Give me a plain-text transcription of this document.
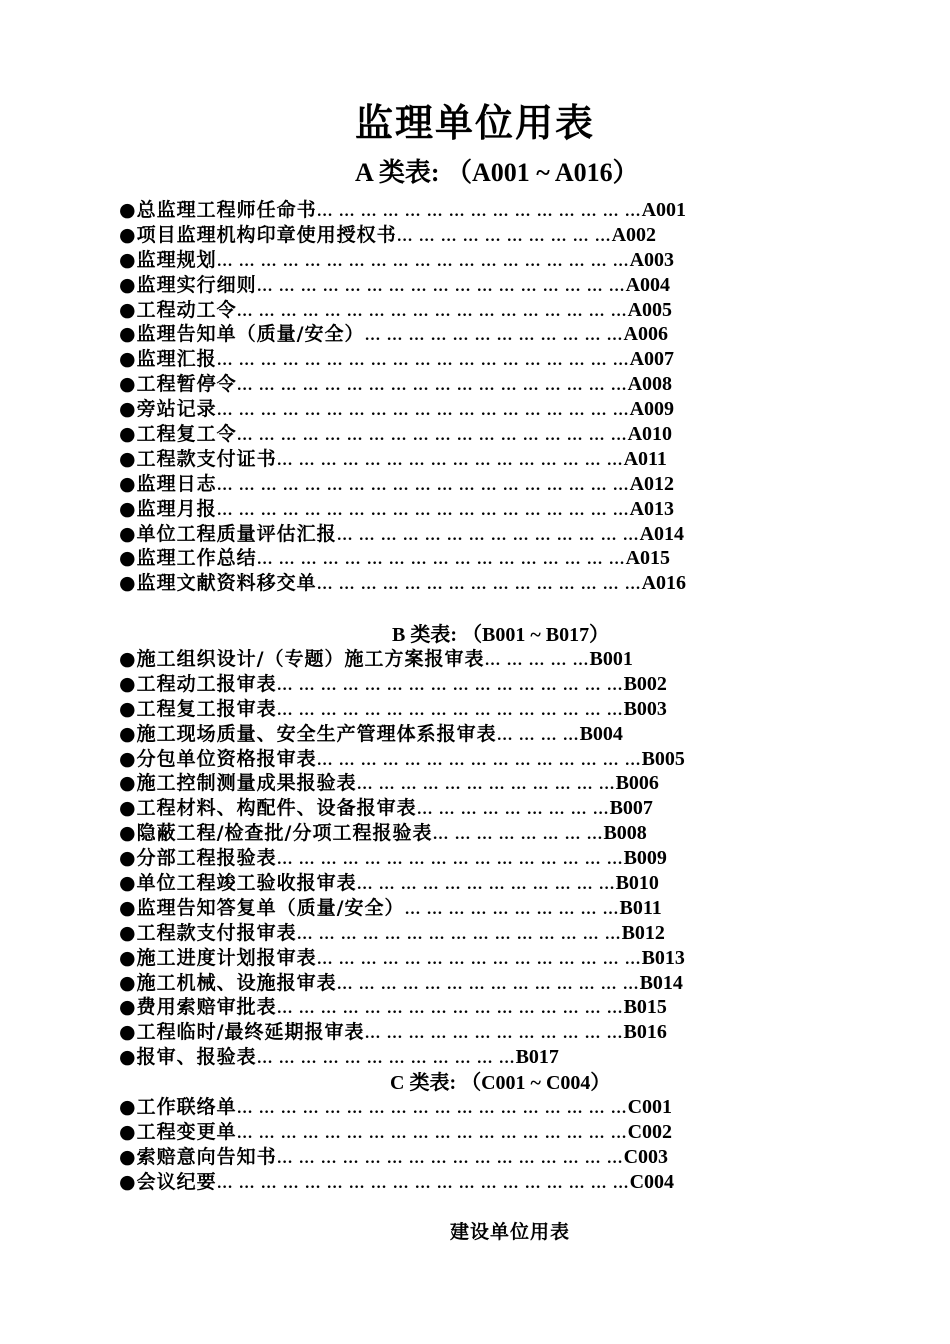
监理单位用表
A 类表: （A001 ~ A016）
●总监理工程师任命书 … … … … … … … … … … … … … … … A001
●项目监理机构印章使用授权书 … … … … … … … … … … A002
●监理规划 … … … … … … … … … … … … … … … … … … … A003
●监理实行细则 … … … … … … … … … … … … … … … … … A004
●工程动工令 … … … … … … … … … … … … … … … … … … A005
●监理告知单（质量/安全） … … … … … … … … … … … … A006
●监理汇报 … … … … … … … … … … … … … … … … … … … A007
●工程暂停令 … … … … … … … … … … … … … … … … … … A008
●旁站记录 … … … … … … … … … … … … … … … … … … … A009
●工程复工令 … … … … … … … … … … … … … … … … … … A010
●工程款支付证书 … … … … … … … … … … … … … … … … A011
●监理日志 … … … … … … … … … … … … … … … … … … … A012
●监理月报 … … … … … … … … … … … … … … … … … … … A013
●单位工程质量评估汇报 … … … … … … … … … … … … … … A014
●监理工作总结 … … … … … … … … … … … … … … … … … A015
●监理文献资料移交单 … … … … … … … … … … … … … … … A016
B 类表: （B001 ~ B017）
●施工组织设计/（专题）施工方案报审表 … … … … … B001
●工程动工报审表 … … … … … … … … … … … … … … … … B002
●工程复工报审表 … … … … … … … … … … … … … … … … B003
●施工现场质量、安全生产管理体系报审表 … … … … B004
●分包单位资格报审表 … … … … … … … … … … … … … … … B005
●施工控制测量成果报验表 … … … … … … … … … … … … B006
●工程材料、构配件、设备报审表 … … … … … … … … … B007
●隐蔽工程/检查批/分项工程报验表 … … … … … … … … B008
●分部工程报验表 … … … … … … … … … … … … … … … … B009
●单位工程竣工验收报审表 … … … … … … … … … … … … B010
●监理告知答复单（质量/安全） … … … … … … … … … … B011
●工程款支付报审表 … … … … … … … … … … … … … … … B012
●施工进度计划报审表 … … … … … … … … … … … … … … … B013
●施工机械、设施报审表 … … … … … … … … … … … … … … B014
●费用索赔审批表 … … … … … … … … … … … … … … … … B015
●工程临时/最终延期报审表 … … … … … … … … … … … … B016
●报审、报验表 … … … … … … … … … … … … B017
C 类表: （C001 ~ C004）
●工作联络单 … … … … … … … … … … … … … … … … … … C001
●工程变更单 … … … … … … … … … … … … … … … … … … C002
●索赔意向告知书 … … … … … … … … … … … … … … … … C003
●会议纪要 … … … … … … … … … … … … … … … … … … … C004
建设单位用表
